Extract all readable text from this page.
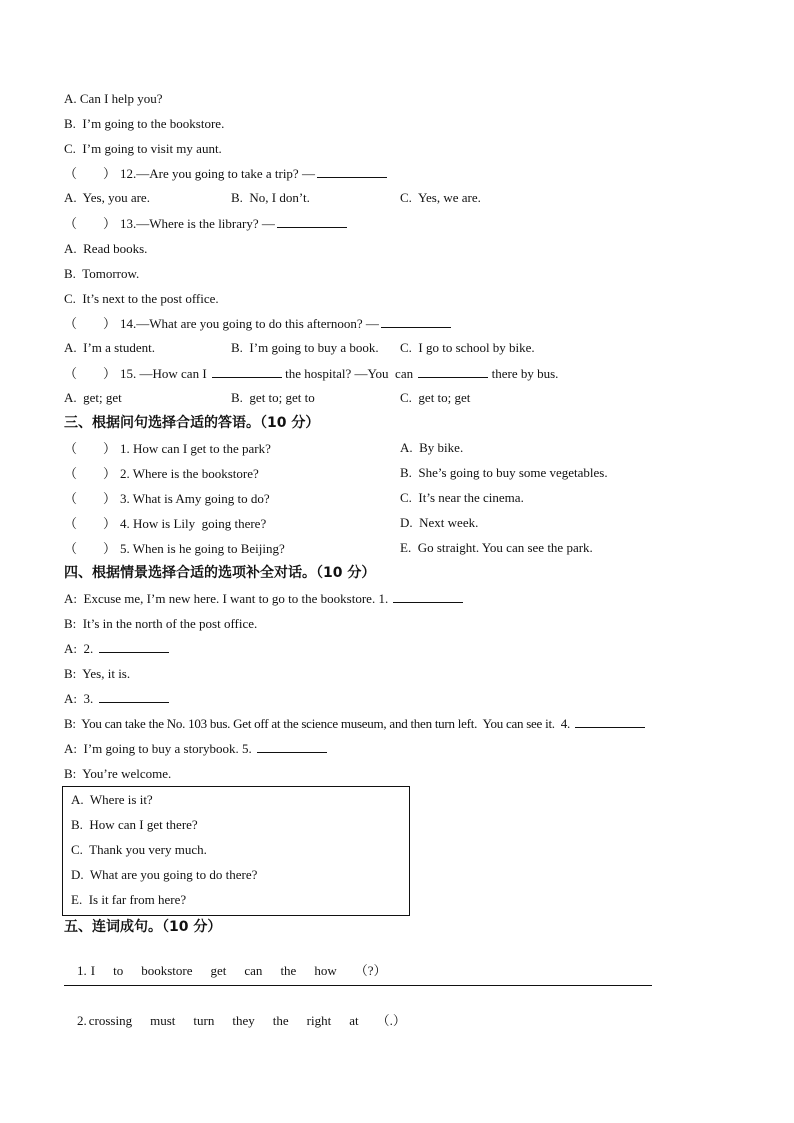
A. Can I help you?
B.  I’m going to the bookstore.
C.  I’m going to visit my aunt.
（        ） 12.—Are you going to take a trip? —
A.  Yes, you are.	B.  No, I don’t.	C.  Yes, we are.
（        ） 13.—Where is the library? —
A.  Read books.
B.  Tomorrow.
C.  It’s next to the post office.
（        ） 14.—What are you going to do this afternoon? —
A.  I’m a student.	B.  I’m going to buy a book. C.  I go to school by bike.
（        ） 15. —How can I	the hospital? —You  can	there by bus.
A.  get; get	B.  get to; get to	C.  get to; get
三、根据问句选择合适的答语。（10 分）
（        ） 1. How can I get to the park?	A.  By bike.
（        ） 2. Where is the bookstore?	B.  She’s going to buy some vegetables.
（        ） 3. What is Amy going to do?	C.  It’s near the cinema.
（        ） 4. How is Lily  going there?	D.  Next week.
（        ） 5. When is he going to Beijing?	E.  Go straight. You can see the park.
四、根据情景选择合适的选项补全对话。（10 分）
A:  Excuse me, I’m new here. I want to go to the bookstore. 1.
B:  It’s in the north of the post office.
A:  2.
B:  Yes, it is.
A:  3.
B:  You can take the No. 103 bus. Get off at the science museum, and then turn left.  You can see it.  4.
A:  I’m going to buy a storybook. 5.
B:  You’re welcome.
A.  Where is it?
B.  How can I get there?
C.  Thank you very much.
D.  What are you going to do there?
E.  Is it far from here?
五、连词成句。（10 分）

1. I to bookstore get can the how （?）

2. crossing must turn they the right at （.）
